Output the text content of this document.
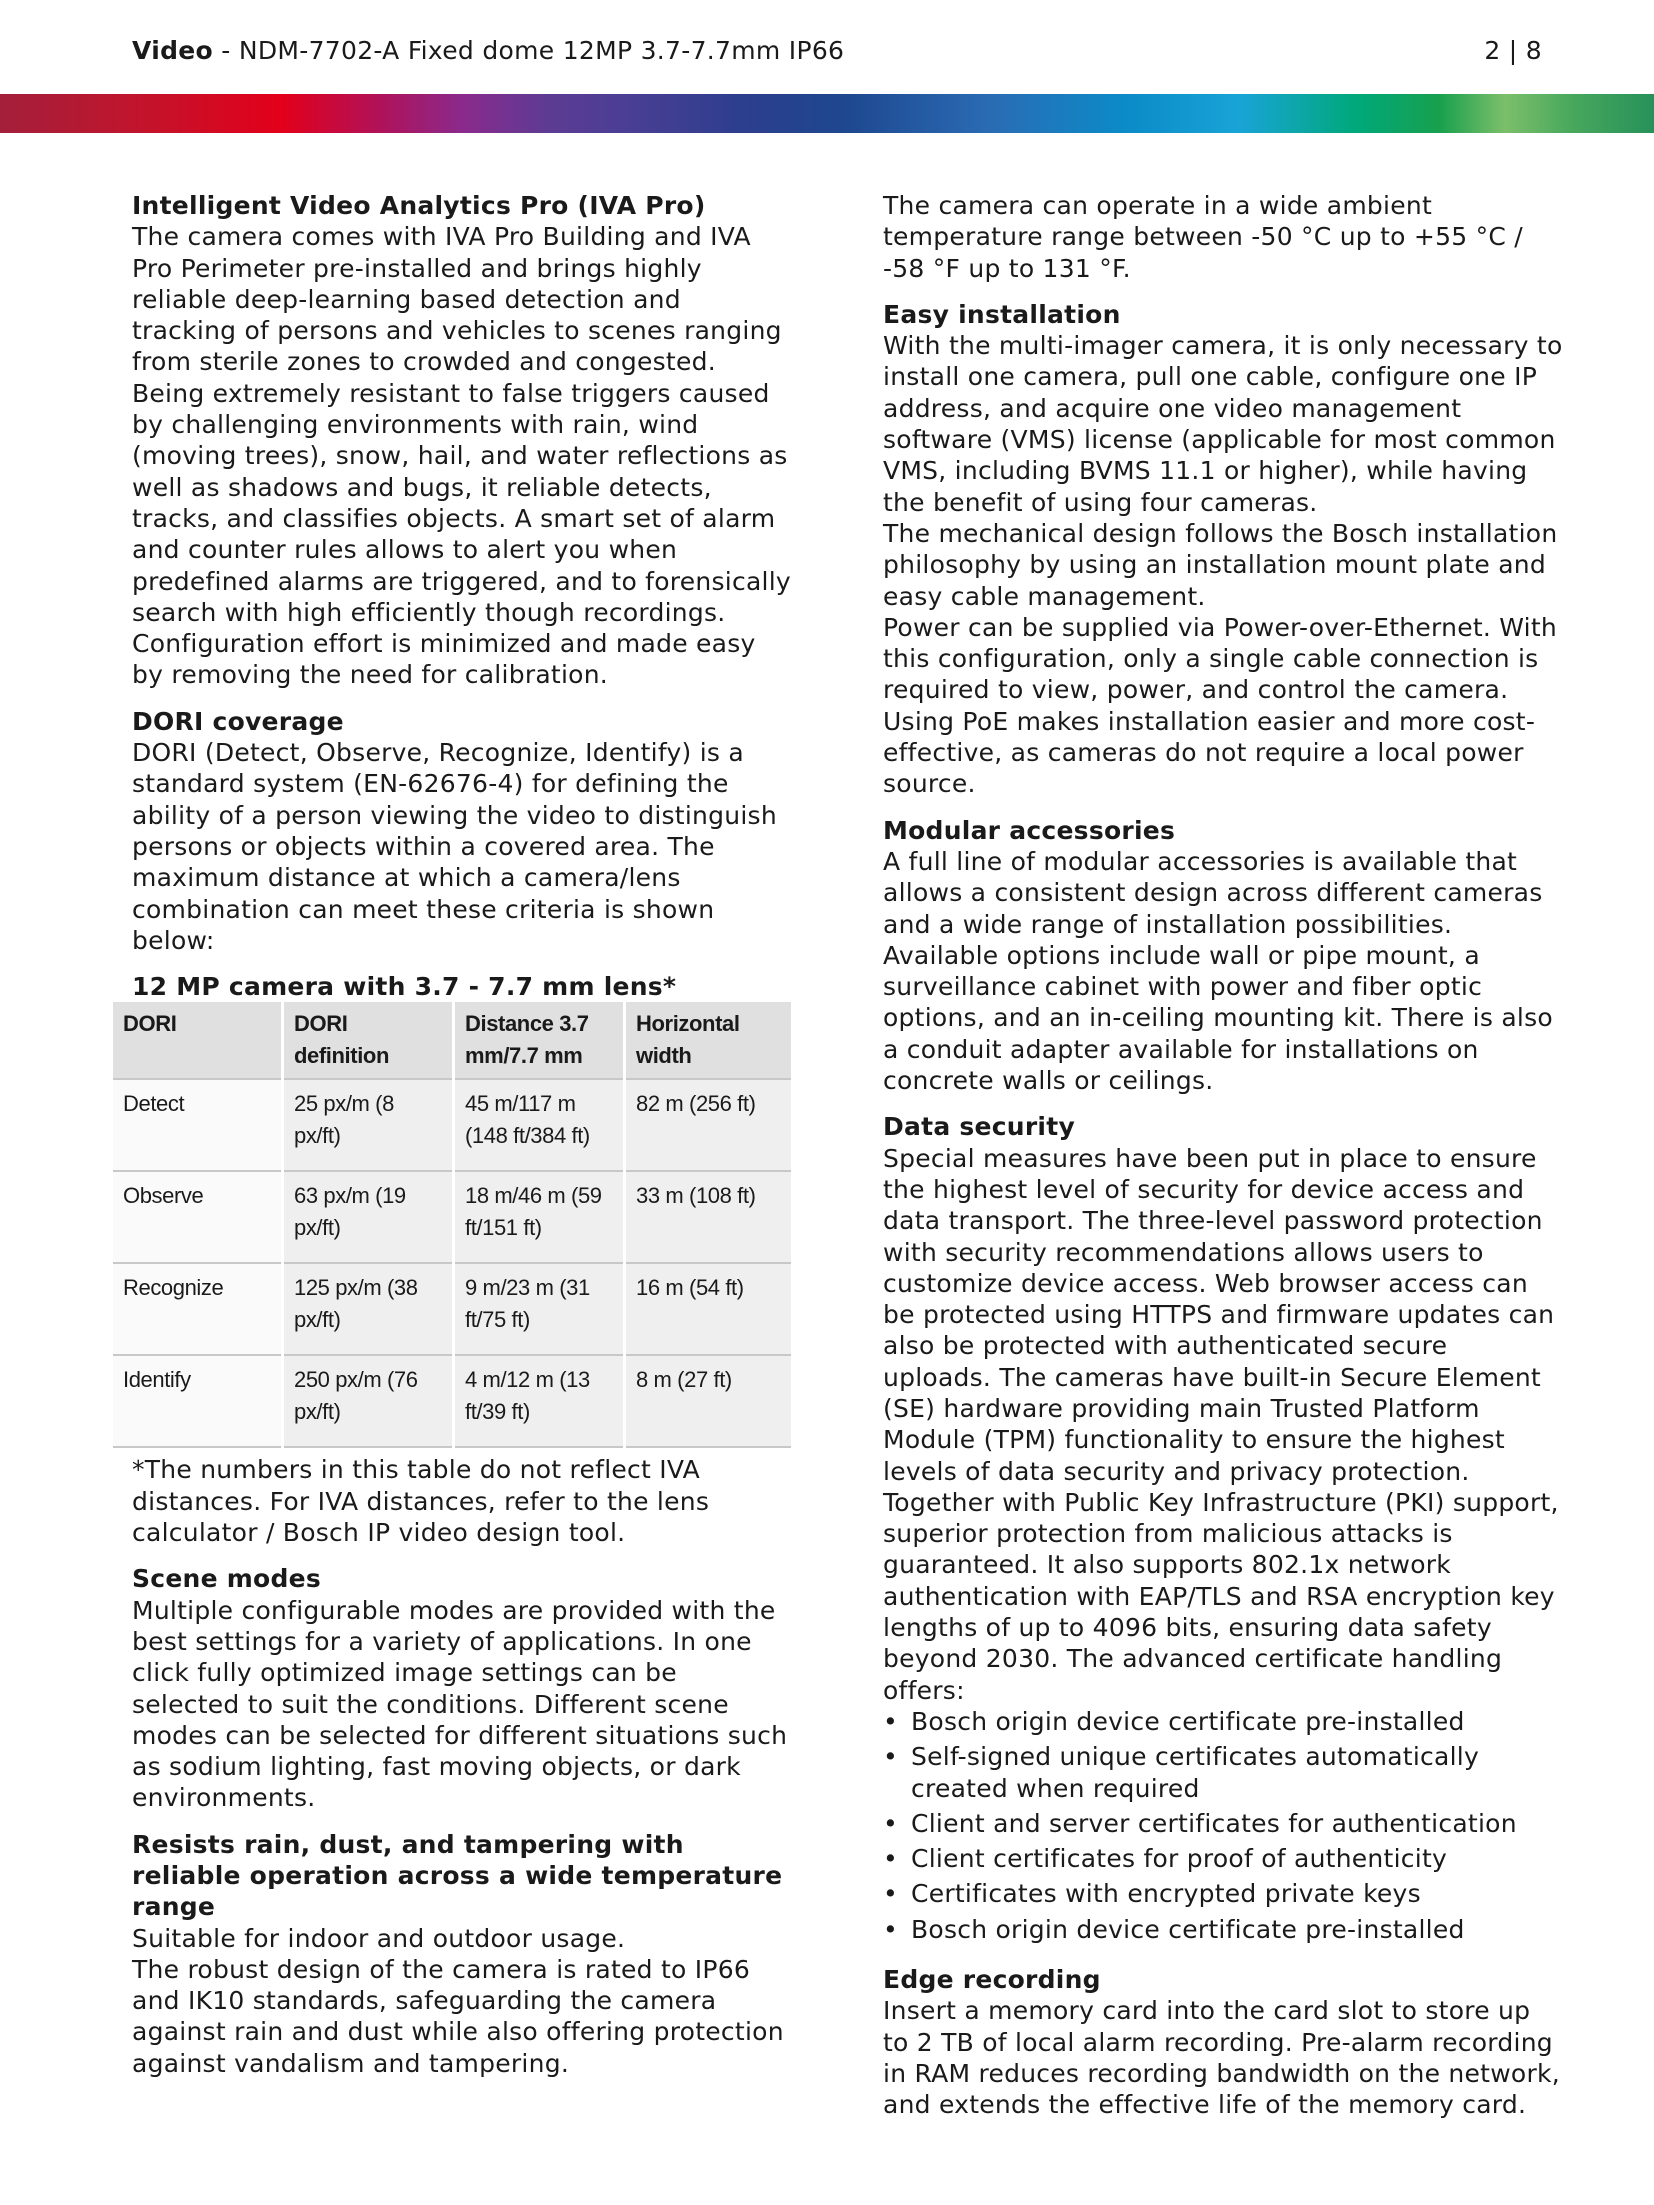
Video - NDM-7702-A Fixed dome 12MP 3.7-7.7mm IP66	2 | 8
Intelligent Video Analytics Pro (IVA Pro)

The camera comes with IVA Pro Building and IVA Pro Perimeter pre-installed and brings highly reliable deep-learning based detection and tracking of persons and vehicles to scenes ranging from sterile zones to crowded and congested. Being extremely resistant to false triggers caused by challenging environments with rain, wind (moving trees), snow, hail, and water reflections as well as shadows and bugs, it reliable detects, tracks, and classifies objects. A smart set of alarm and counter rules allows to alert you when predefined alarms are triggered, and to forensically search with high efficiently though recordings. Configuration effort is minimized and made easy by removing the need for calibration.

DORI coverage

DORI (Detect, Observe, Recognize, Identify) is a standard system (EN-62676-4) for defining the ability of a person viewing the video to distinguish persons or objects within a covered area. The maximum distance at which a camera/lens combination can meet these criteria is shown below:

12 MP camera with 3.7 - 7.7 mm lens*

DORI	DORI definition	Distance 3.7 mm/7.7 mm	Horizontal width
Detect	25 px/m (8 px/ft)	45 m/117 m (148 ft/384 ft)	82 m (256 ft)
Observe	63 px/m (19 px/ft)	18 m/46 m (59 ft/151 ft)	33 m (108 ft)
Recognize	125 px/m (38 px/ft)	9 m/23 m (31 ft/75 ft)	16 m (54 ft)
Identify	250 px/m (76 px/ft)	4 m/12 m (13 ft/39 ft)	8 m (27 ft)

*The numbers in this table do not reflect IVA distances. For IVA distances, refer to the lens calculator / Bosch IP video design tool.

Scene modes

Multiple configurable modes are provided with the best settings for a variety of applications. In one click fully optimized image settings can be selected to suit the conditions. Different scene modes can be selected for different situations such as sodium lighting, fast moving objects, or dark environments.

Resists rain, dust, and tampering with reliable operation across a wide temperature range

Suitable for indoor and outdoor usage.

The robust design of the camera is rated to IP66 and IK10 standards, safeguarding the camera against rain and dust while also offering protection against vandalism and tampering.

The camera can operate in a wide ambient temperature range between -50 °C up to +55 °C / -58 °F up to 131 °F.

Easy installation

With the multi-imager camera, it is only necessary to install one camera, pull one cable, configure one IP address, and acquire one video management software (VMS) license (applicable for most common VMS, including BVMS 11.1 or higher), while having the benefit of using four cameras.

The mechanical design follows the Bosch installation philosophy by using an installation mount plate and easy cable management.

Power can be supplied via Power-over-Ethernet. With this configuration, only a single cable connection is required to view, power, and control the camera. Using PoE makes installation easier and more cost-effective, as cameras do not require a local power source.

Modular accessories

A full line of modular accessories is available that allows a consistent design across different cameras and a wide range of installation possibilities. Available options include wall or pipe mount, a surveillance cabinet with power and fiber optic options, and an in-ceiling mounting kit. There is also a conduit adapter available for installations on concrete walls or ceilings.

Data security

Special measures have been put in place to ensure the highest level of security for device access and data transport. The three-level password protection with security recommendations allows users to customize device access. Web browser access can be protected using HTTPS and firmware updates can also be protected with authenticated secure uploads. The cameras have built-in Secure Element (SE) hardware providing main Trusted Platform Module (TPM) functionality to ensure the highest levels of data security and privacy protection. Together with Public Key Infrastructure (PKI) support, superior protection from malicious attacks is guaranteed. It also supports 802.1x network authentication with EAP/TLS and RSA encryption key lengths of up to 4096 bits, ensuring data safety beyond 2030. The advanced certificate handling offers:

• Bosch origin device certificate pre-installed
• Self-signed unique certificates automatically created when required
• Client and server certificates for authentication
• Client certificates for proof of authenticity
• Certificates with encrypted private keys
• Bosch origin device certificate pre-installed
Edge recording

Insert a memory card into the card slot to store up to 2 TB of local alarm recording. Pre-alarm recording in RAM reduces recording bandwidth on the network, and extends the effective life of the memory card.
